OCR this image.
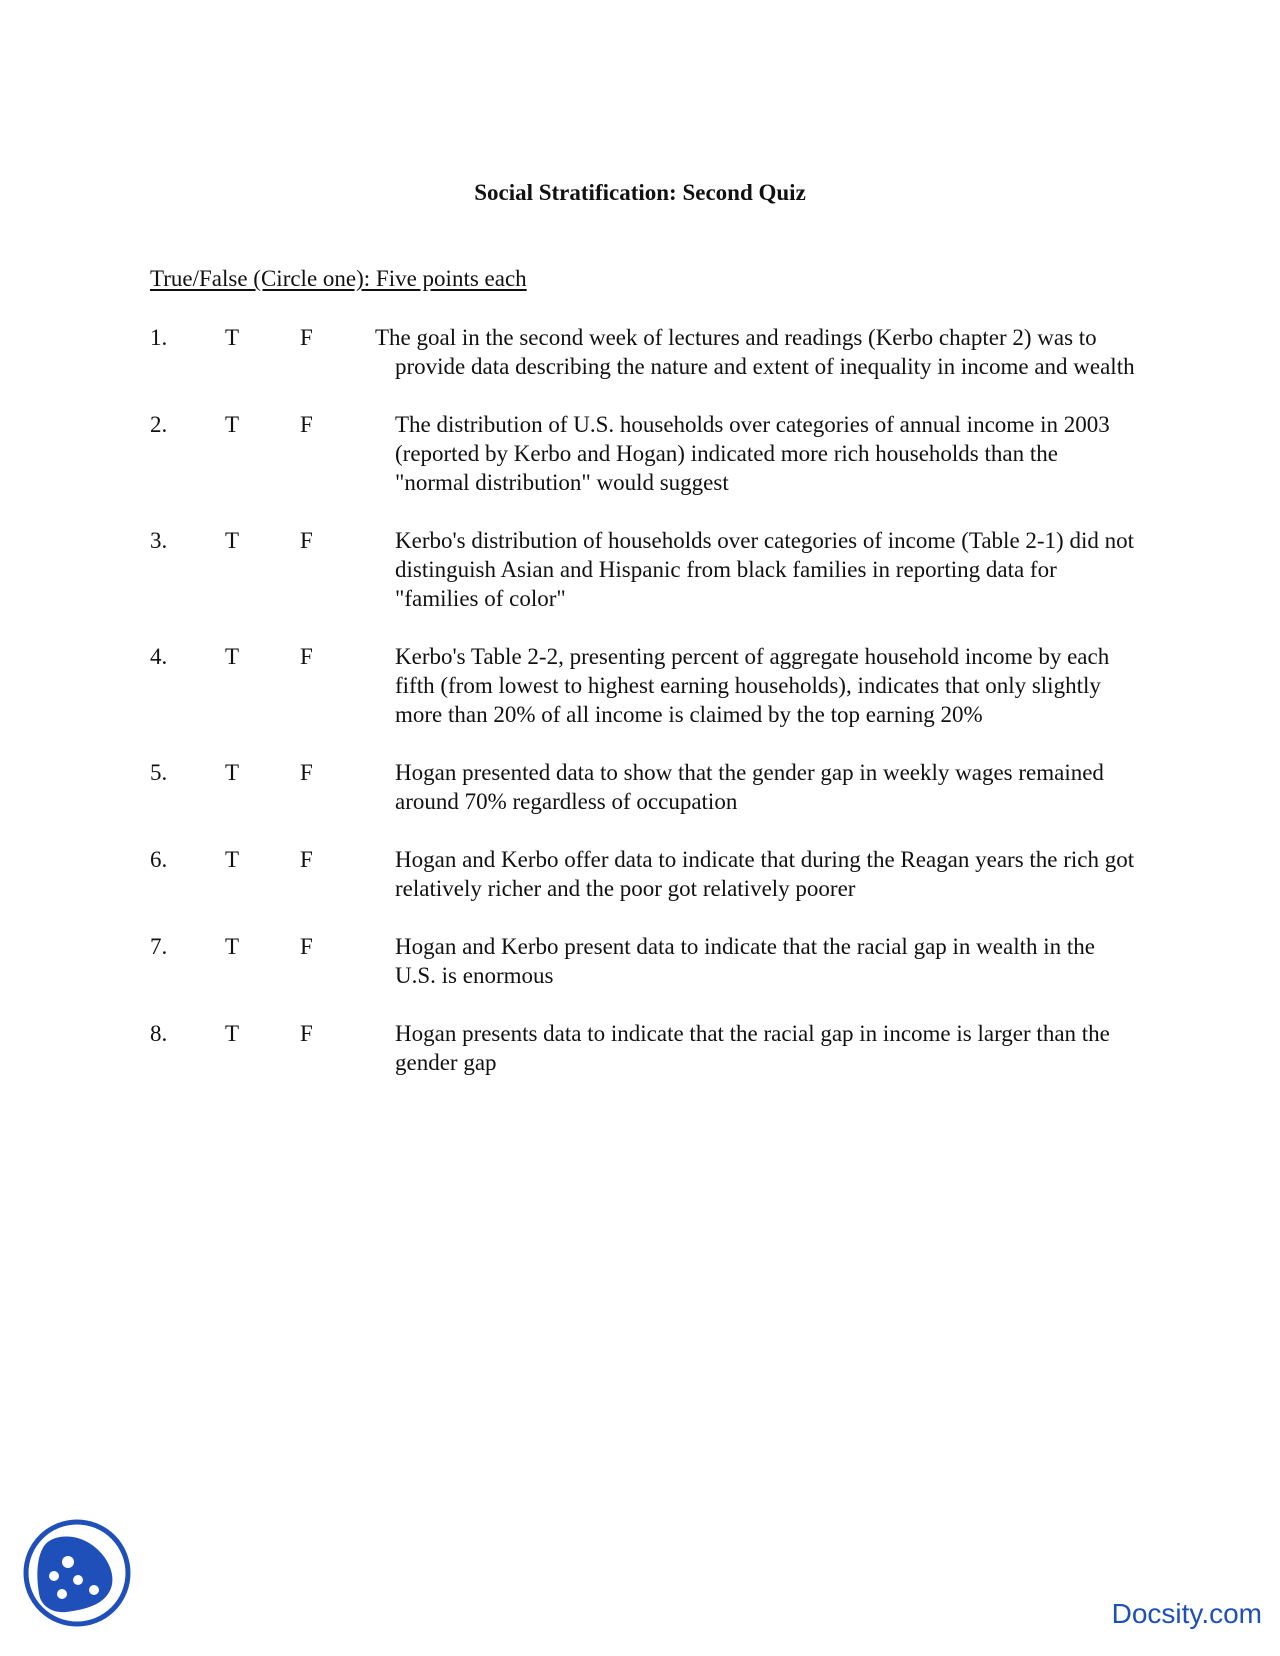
Social Stratification: Second Quiz
True/False (Circle one): Five points each
1.	T	F	The goal in the second week of lectures and readings (Kerbo chapter 2) was to provide data describing the nature and extent of inequality in income and wealth
2.	T	F	The distribution of U.S. households over categories of annual income in 2003 (reported by Kerbo and Hogan) indicated more rich households than the "normal distribution" would suggest
3.	T	F	Kerbo's distribution of households over categories of income (Table 2-1) did not distinguish Asian and Hispanic from black families in reporting data for "families of color"
4.	T	F	Kerbo's Table 2-2, presenting percent of aggregate household income by each fifth (from lowest to highest earning households), indicates that only slightly more than 20% of all income is claimed by the top earning 20%
5.	T	F	Hogan presented data to show that the gender gap in weekly wages remained around 70% regardless of occupation
6.	T	F	Hogan and Kerbo offer data to indicate that during the Reagan years the rich got relatively richer and the poor got relatively poorer
7.	T	F	Hogan and Kerbo present data to indicate that the racial gap in wealth in the U.S. is enormous
8.	T	F	Hogan presents data to indicate that the racial gap in income is larger than the gender gap
Docsity.com
